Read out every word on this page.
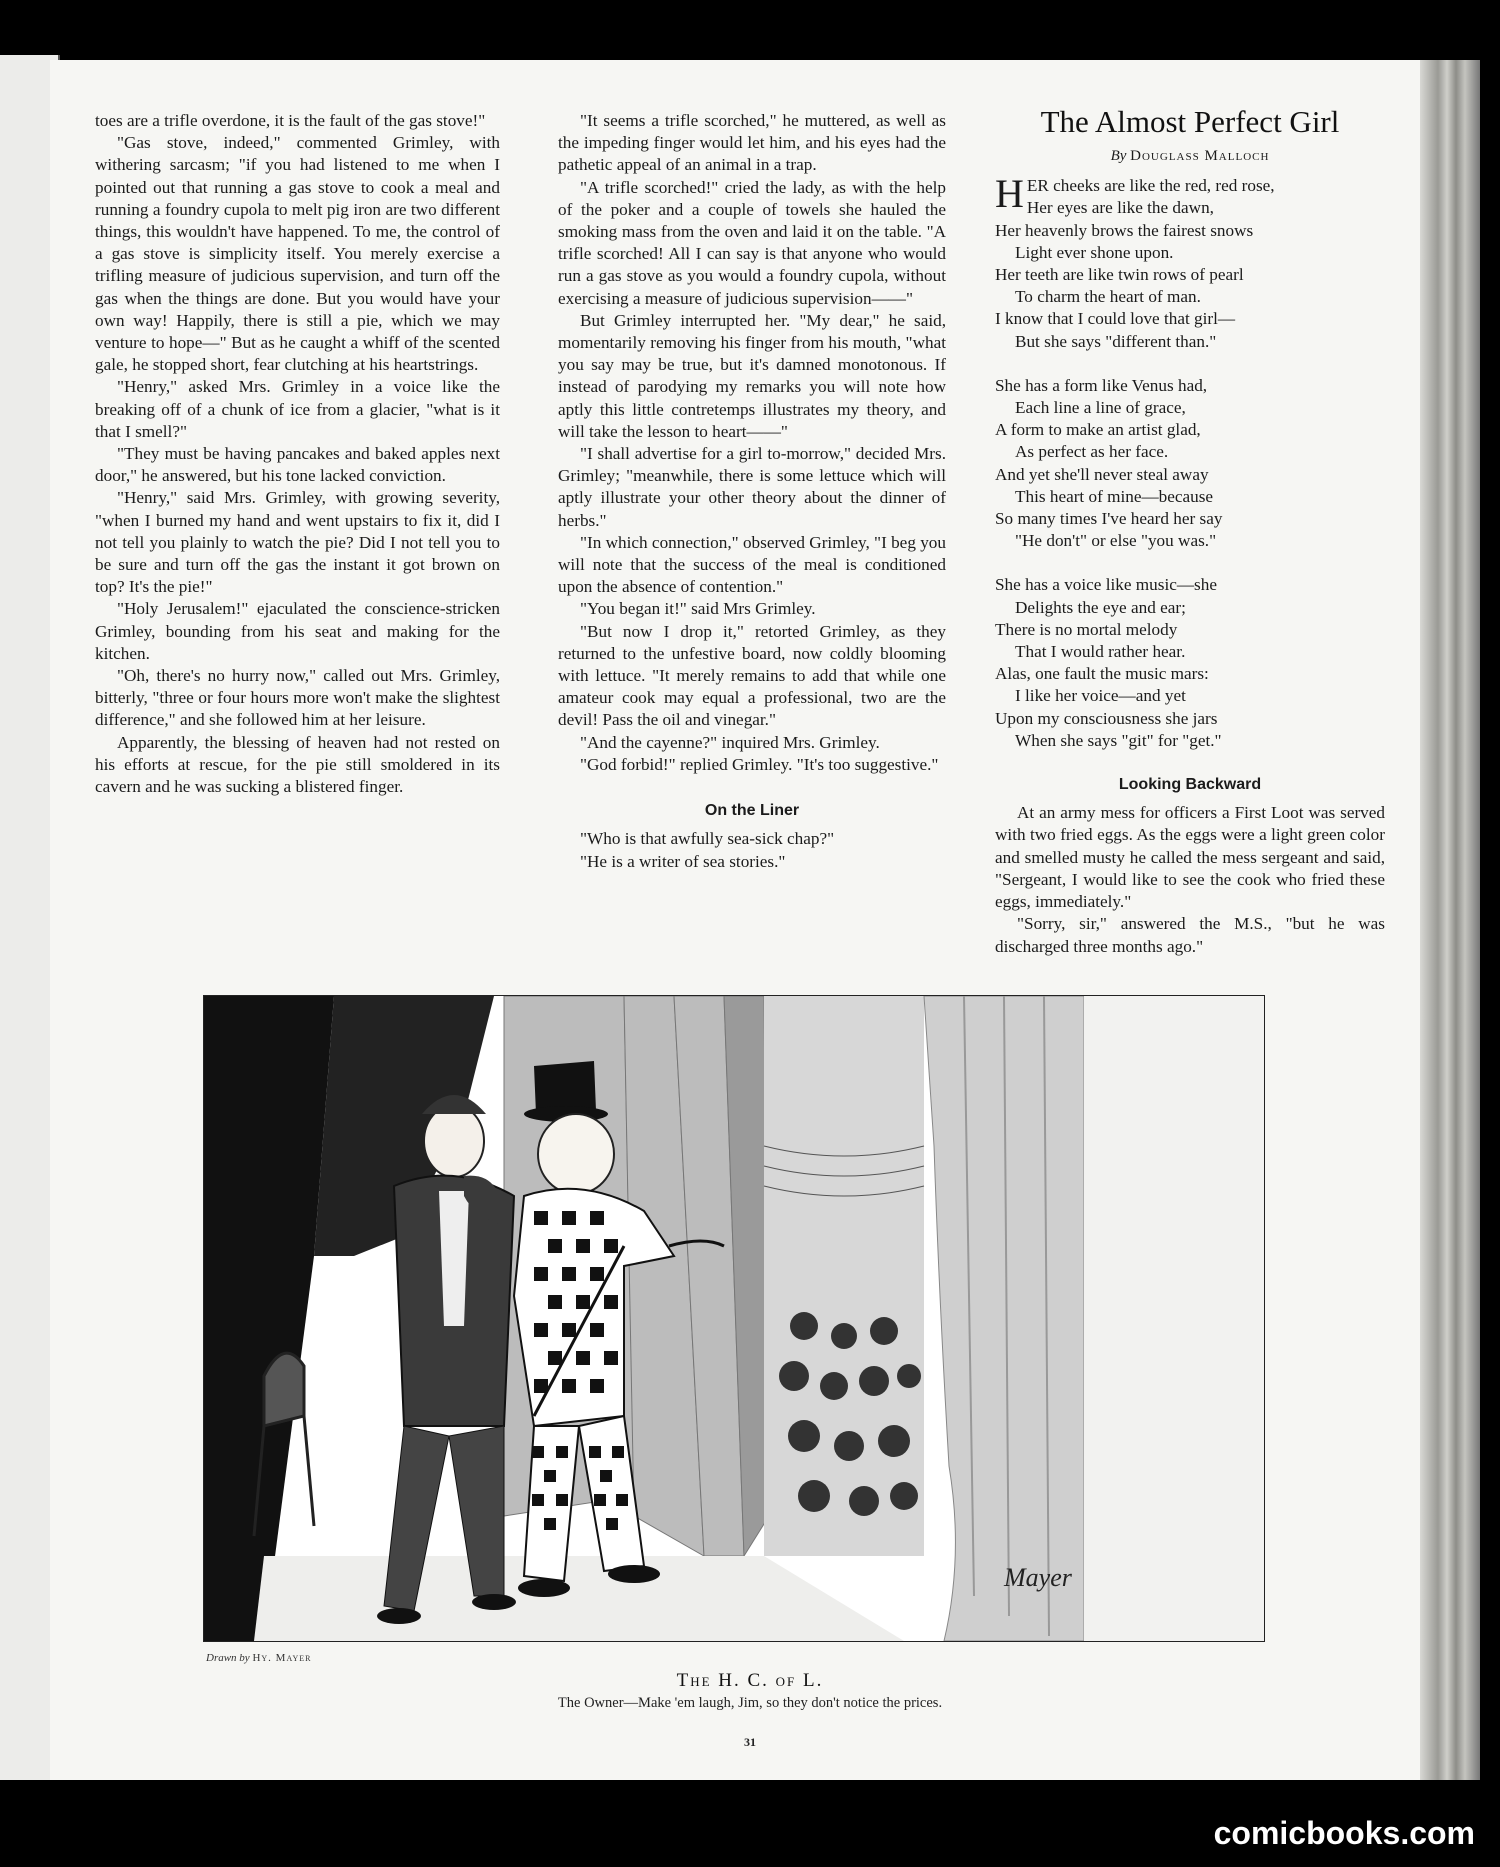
toes are a trifle overdone, it is the fault of the gas stove!"

"Gas stove, indeed," commented Grimley, with withering sarcasm; "if you had listened to me when I pointed out that running a gas stove to cook a meal and running a foundry cupola to melt pig iron are two different things, this wouldn't have happened. To me, the control of a gas stove is simplicity itself. You merely exercise a trifling measure of judicious supervision, and turn off the gas when the things are done. But you would have your own way! Happily, there is still a pie, which we may venture to hope—" But as he caught a whiff of the scented gale, he stopped short, fear clutching at his heartstrings.

"Henry," asked Mrs. Grimley in a voice like the breaking off of a chunk of ice from a glacier, "what is it that I smell?"

"They must be having pancakes and baked apples next door," he answered, but his tone lacked conviction.

"Henry," said Mrs. Grimley, with growing severity, "when I burned my hand and went upstairs to fix it, did I not tell you plainly to watch the pie? Did I not tell you to be sure and turn off the gas the instant it got brown on top? It's the pie!"

"Holy Jerusalem!" ejaculated the conscience-stricken Grimley, bounding from his seat and making for the kitchen.

"Oh, there's no hurry now," called out Mrs. Grimley, bitterly, "three or four hours more won't make the slightest difference," and she followed him at her leisure.

Apparently, the blessing of heaven had not rested on his efforts at rescue, for the pie still smoldered in its cavern and he was sucking a blistered finger.

"It seems a trifle scorched," he muttered, as well as the impeding finger would let him, and his eyes had the pathetic appeal of an animal in a trap.

"A trifle scorched!" cried the lady, as with the help of the poker and a couple of towels she hauled the smoking mass from the oven and laid it on the table. "A trifle scorched! All I can say is that anyone who would run a gas stove as you would a foundry cupola, without exercising a measure of judicious supervision——"

But Grimley interrupted her. "My dear," he said, momentarily removing his finger from his mouth, "what you say may be true, but it's damned monotonous. If instead of parodying my remarks you will note how aptly this little contretemps illustrates my theory, and will take the lesson to heart——"

"I shall advertise for a girl to-morrow," decided Mrs. Grimley; "meanwhile, there is some lettuce which will aptly illustrate your other theory about the dinner of herbs."

"In which connection," observed Grimley, "I beg you will note that the success of the meal is conditioned upon the absence of contention."

"You began it!" said Mrs Grimley.

"But now I drop it," retorted Grimley, as they returned to the unfestive board, now coldly blooming with lettuce. "It merely remains to add that while one amateur cook may equal a professional, two are the devil! Pass the oil and vinegar."

"And the cayenne?" inquired Mrs. Grimley.

"God forbid!" replied Grimley. "It's too suggestive."

On the Liner

"Who is that awfully sea-sick chap?"

"He is a writer of sea stories."

The Almost Perfect Girl
By Douglass Malloch
HER cheeks are like the red, red rose,
Her eyes are like the dawn,
Her heavenly brows the fairest snows
Light ever shone upon.
Her teeth are like twin rows of pearl
To charm the heart of man.
I know that I could love that girl—
But she says "different than."
She has a form like Venus had,
Each line a line of grace,
A form to make an artist glad,
As perfect as her face.
And yet she'll never steal away
This heart of mine—because
So many times I've heard her say
"He don't" or else "you was."
She has a voice like music—she
Delights the eye and ear;
There is no mortal melody
That I would rather hear.
Alas, one fault the music mars:
I like her voice—and yet
Upon my consciousness she jars
When she says "git" for "get."
Looking Backward

At an army mess for officers a First Loot was served with two fried eggs. As the eggs were a light green color and smelled musty he called the mess sergeant and said, "Sergeant, I would like to see the cook who fried these eggs, immediately."

"Sorry, sir," answered the M.S., "but he was discharged three months ago."

Mayer
Drawn by Hy. Mayer
The H. C. of L.
The Owner—Make 'em laugh, Jim, so they don't notice the prices.
31
comicbooks.com
